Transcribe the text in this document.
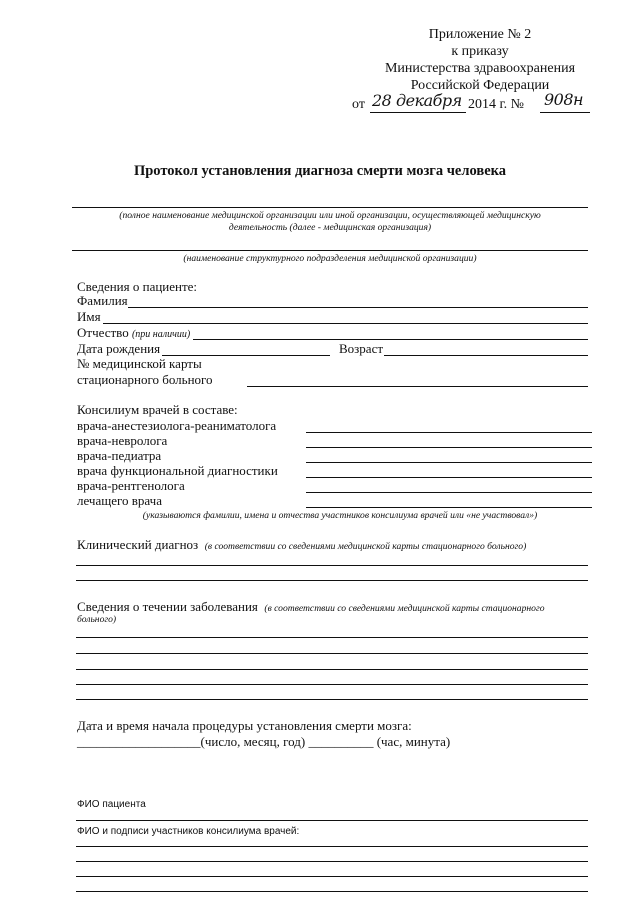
Приложение № 2
к приказу
Министерства здравоохранения
Российской Федерации
от 28 декабря 2014 г. № 908н
Протокол установления диагноза смерти мозга человека
(полное наименование медицинской организации или иной организации, осуществляющей медицинскую
деятельность (далее - медицинская организация)
(наименование структурного подразделения медицинской организации)
Сведения о пациенте:
Фамилия
Имя
Отчество (при наличии)
Дата рождения	Возраст
№ медицинской карты
стационарного больного
Консилиум врачей в составе:
врача-анестезиолога-реаниматолога
врача-невролога
врача-педиатра
врача функциональной диагностики
врача-рентгенолога
лечащего врача
(указываются фамилии, имена и отчества участников консилиума врачей или «не участвовал»)
Клинический диагноз (в соответствии со сведениями медицинской карты стационарного больного)
Сведения о течении заболевания (в соответствии со сведениями медицинской карты стационарного
больного)
Дата и время начала процедуры установления смерти мозга:
___________________(число, месяц, год) __________ (час, минута)
ФИО пациента
ФИО и подписи участников консилиума врачей:
